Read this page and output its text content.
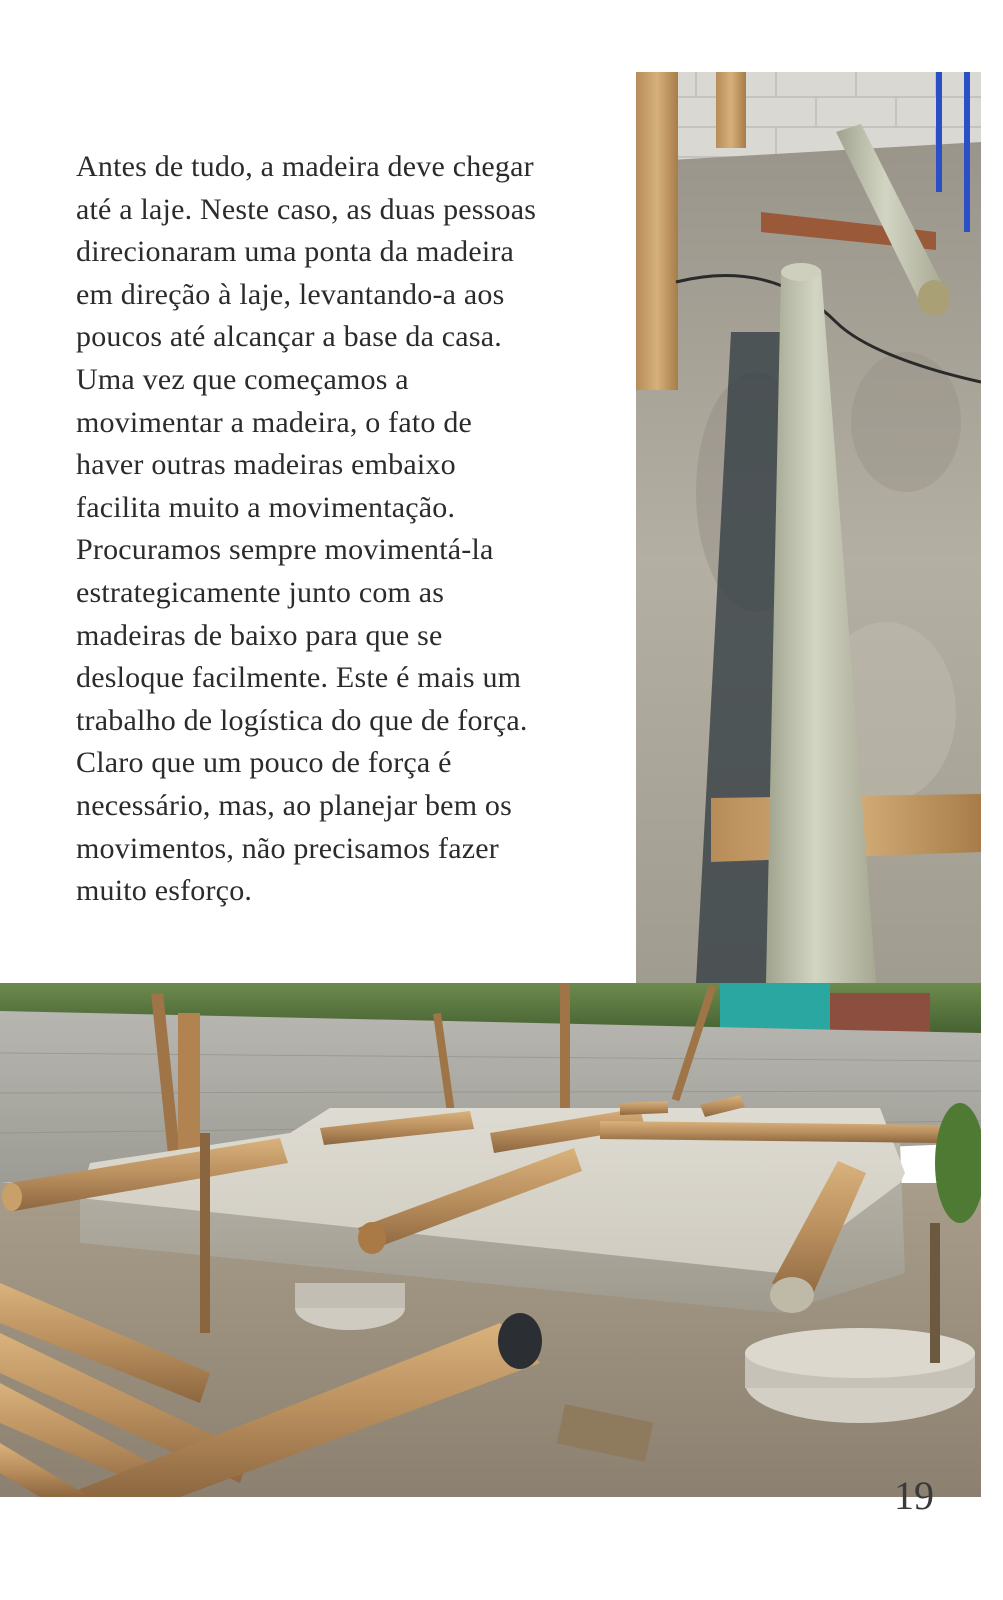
Antes de tudo, a madeira deve chegar
até a laje. Neste caso, as duas pessoas
direcionaram uma ponta da madeira
em direção à laje, levantando-a aos
poucos até alcançar a base da casa.
Uma vez que começamos a
movimentar a madeira, o fato de
haver outras madeiras embaixo
facilita muito a movimentação.
Procuramos sempre movimentá-la
estrategicamente junto com as
madeiras de baixo para que se
desloque facilmente. Este é mais um
trabalho de logística do que de força.
Claro que um pouco de força é
necessário, mas, ao planejar bem os
movimentos, não precisamos fazer
muito esforço.

19
